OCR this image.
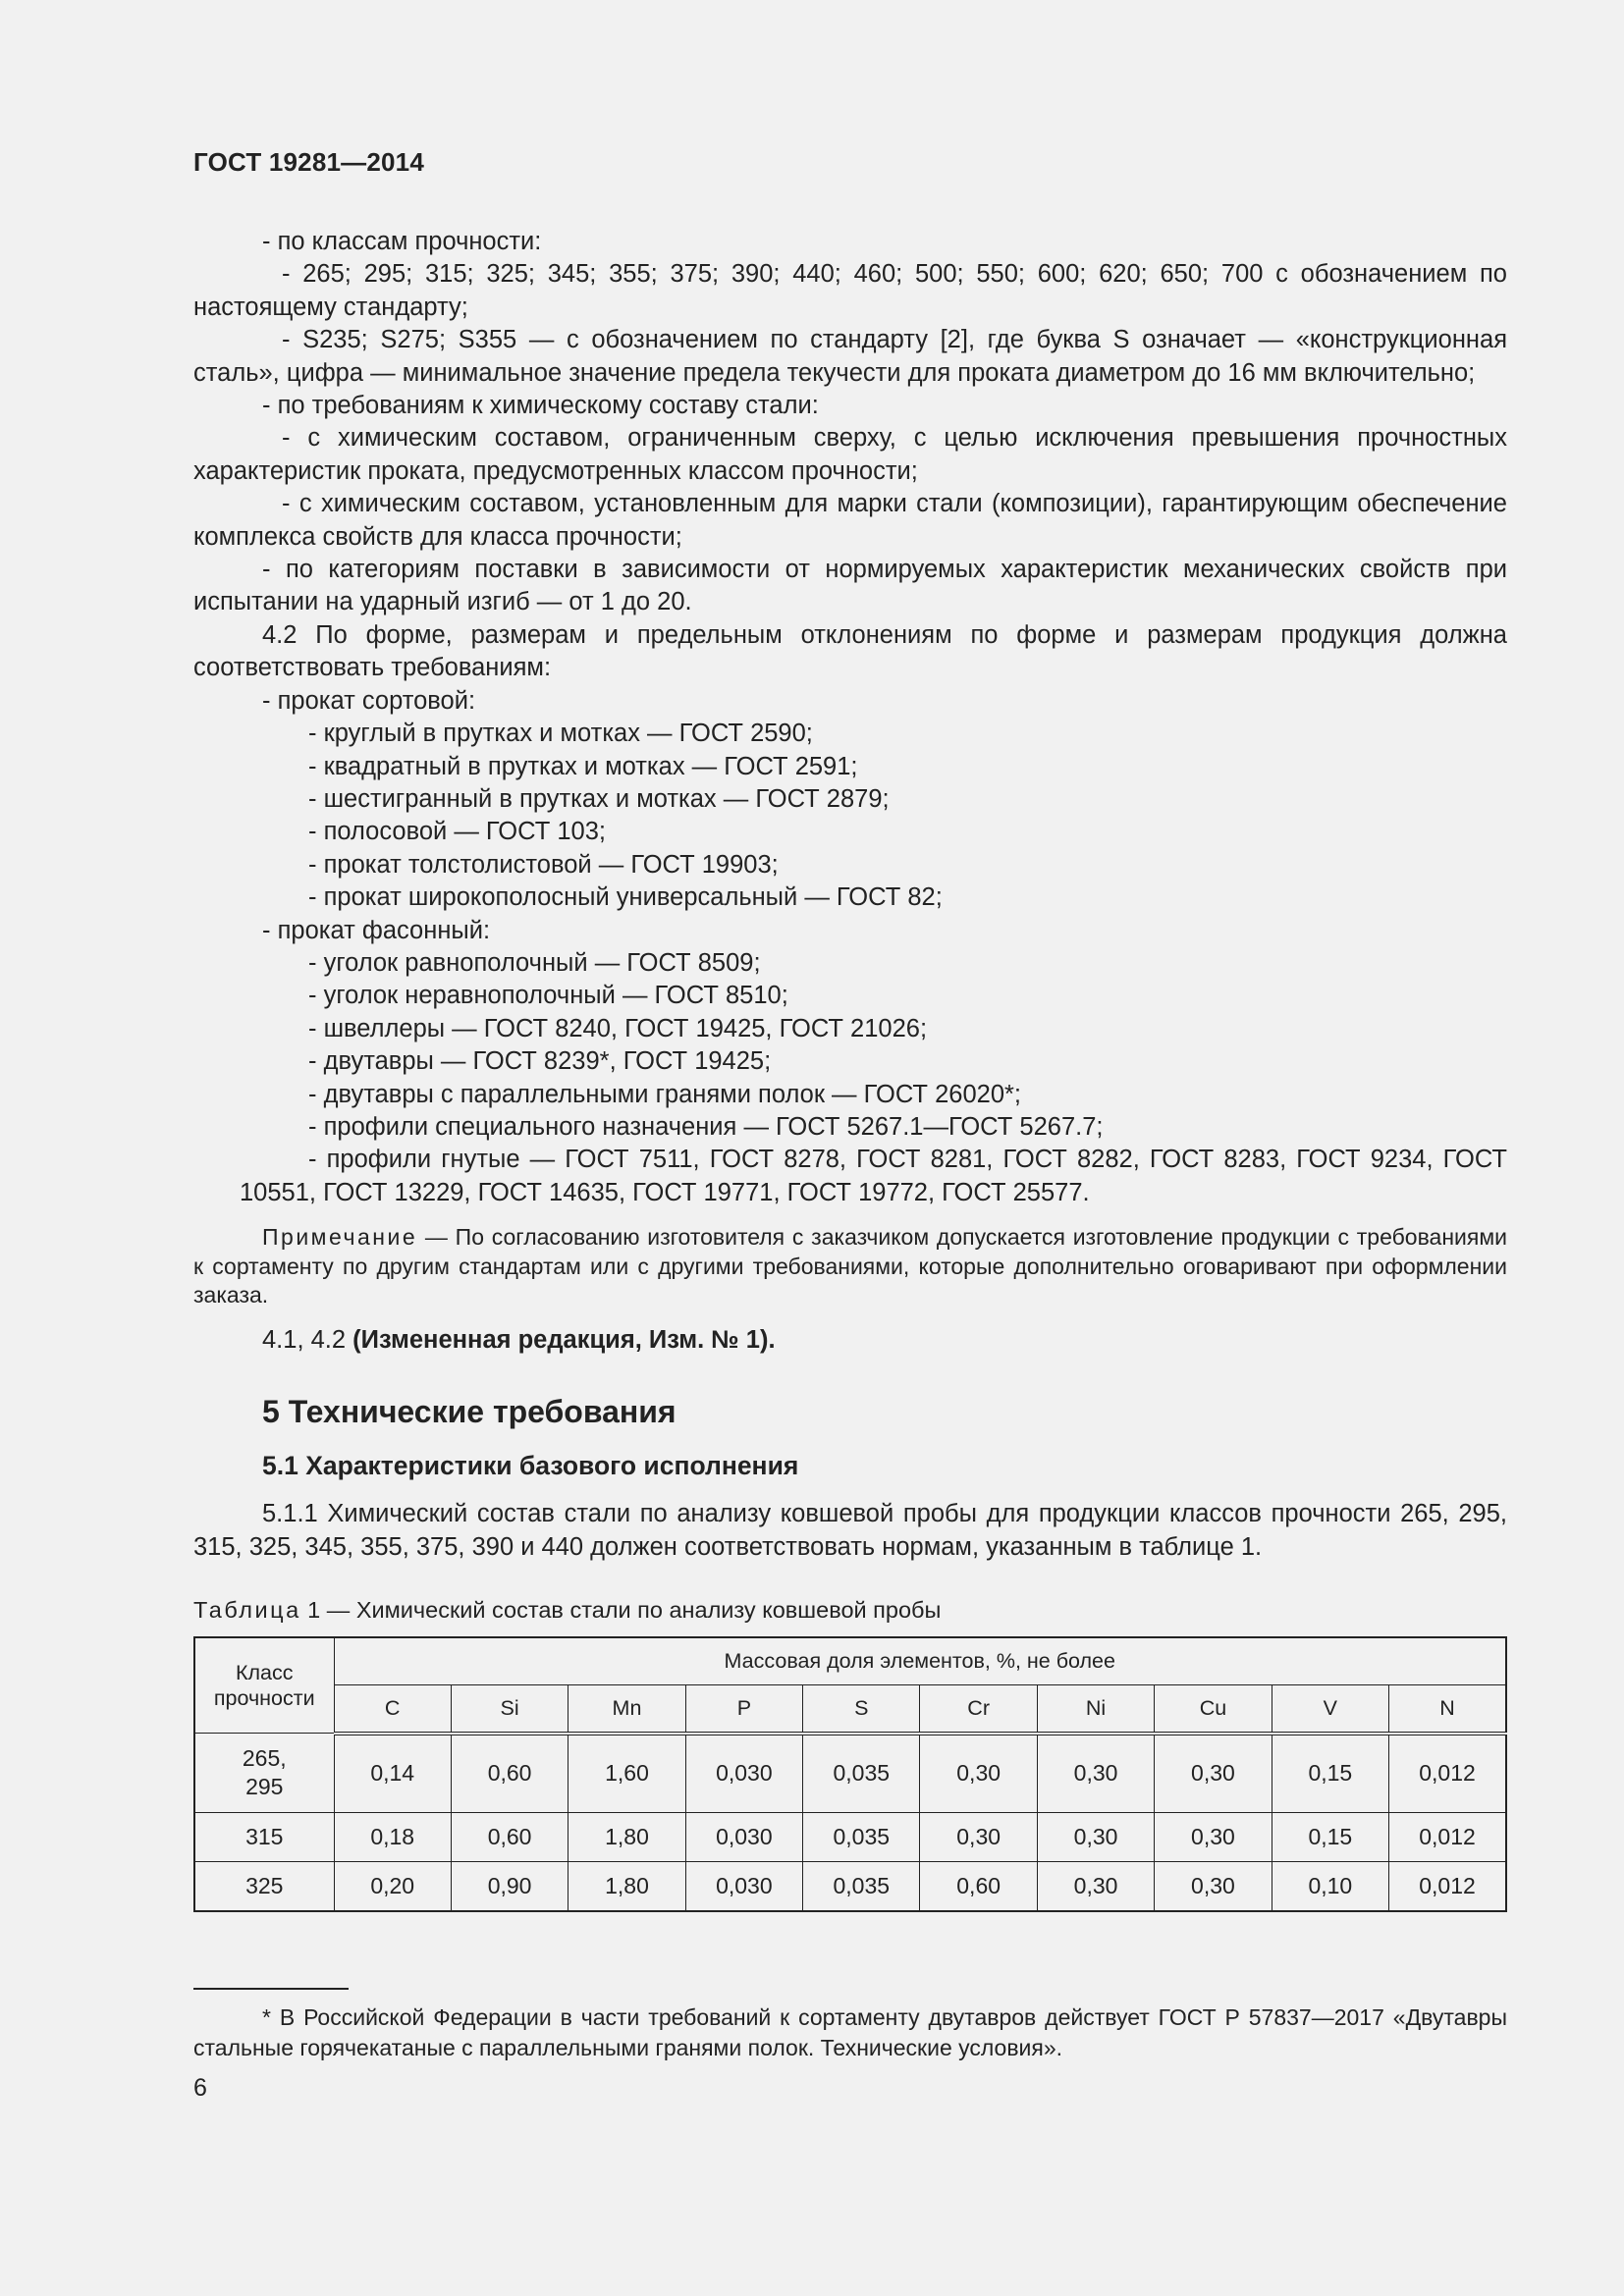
ГОСТ 19281—2014

- по классам прочности:

- 265; 295; 315; 325; 345; 355; 375; 390; 440; 460; 500; 550; 600; 620; 650; 700 с обозначением по настоящему стандарту;

- S235; S275; S355 — с обозначением по стандарту [2], где буква S означает — «конструкционная сталь», цифра — минимальное значение предела текучести для проката диаметром до 16 мм включительно;

- по требованиям к химическому составу стали:

- с химическим составом, ограниченным сверху, с целью исключения превышения прочностных характеристик проката, предусмотренных классом прочности;

- с химическим составом, установленным для марки стали (композиции), гарантирующим обеспечение комплекса свойств для класса прочности;

- по категориям поставки в зависимости от нормируемых характеристик механических свойств при испытании на ударный изгиб — от 1 до 20.

4.2 По форме, размерам и предельным отклонениям по форме и размерам продукция должна соответствовать требованиям:

- прокат сортовой:

- круглый в прутках и мотках — ГОСТ 2590;

- квадратный в прутках и мотках — ГОСТ 2591;

- шестигранный в прутках и мотках — ГОСТ 2879;

- полосовой — ГОСТ 103;

- прокат толстолистовой — ГОСТ 19903;

- прокат широкополосный универсальный — ГОСТ 82;

- прокат фасонный:

- уголок равнополочный — ГОСТ 8509;

- уголок неравнополочный — ГОСТ 8510;

- швеллеры — ГОСТ 8240, ГОСТ 19425, ГОСТ 21026;

- двутавры — ГОСТ 8239*, ГОСТ 19425;

- двутавры с параллельными гранями полок — ГОСТ 26020*;

- профили специального назначения — ГОСТ 5267.1—ГОСТ 5267.7;

- профили гнутые — ГОСТ 7511, ГОСТ 8278, ГОСТ 8281, ГОСТ 8282, ГОСТ 8283, ГОСТ 9234, ГОСТ 10551, ГОСТ 13229, ГОСТ 14635, ГОСТ 19771, ГОСТ 19772, ГОСТ 25577.

Примечание — По согласованию изготовителя с заказчиком допускается изготовление продукции с требованиями к сортаменту по другим стандартам или с другими требованиями, которые дополнительно оговаривают при оформлении заказа.

4.1, 4.2 (Измененная редакция, Изм. № 1).

5 Технические требования

5.1 Характеристики базового исполнения

5.1.1 Химический состав стали по анализу ковшевой пробы для продукции классов прочности 265, 295, 315, 325, 345, 355, 375, 390 и 440 должен соответствовать нормам, указанным в таблице 1.

Таблица 1 — Химический состав стали по анализу ковшевой пробы

Класс прочности	Массовая доля элементов, %, не более									
	C	Si	Mn	P	S	Cr	Ni	Cu	V	N
265, 295	0,14	0,60	1,60	0,030	0,035	0,30	0,30	0,30	0,15	0,012
315	0,18	0,60	1,80	0,030	0,035	0,30	0,30	0,30	0,15	0,012
325	0,20	0,90	1,80	0,030	0,035	0,60	0,30	0,30	0,10	0,012
* В Российской Федерации в части требований к сортаменту двутавров действует ГОСТ Р 57837—2017 «Двутавры стальные горячекатаные с параллельными гранями полок. Технические условия».
6
